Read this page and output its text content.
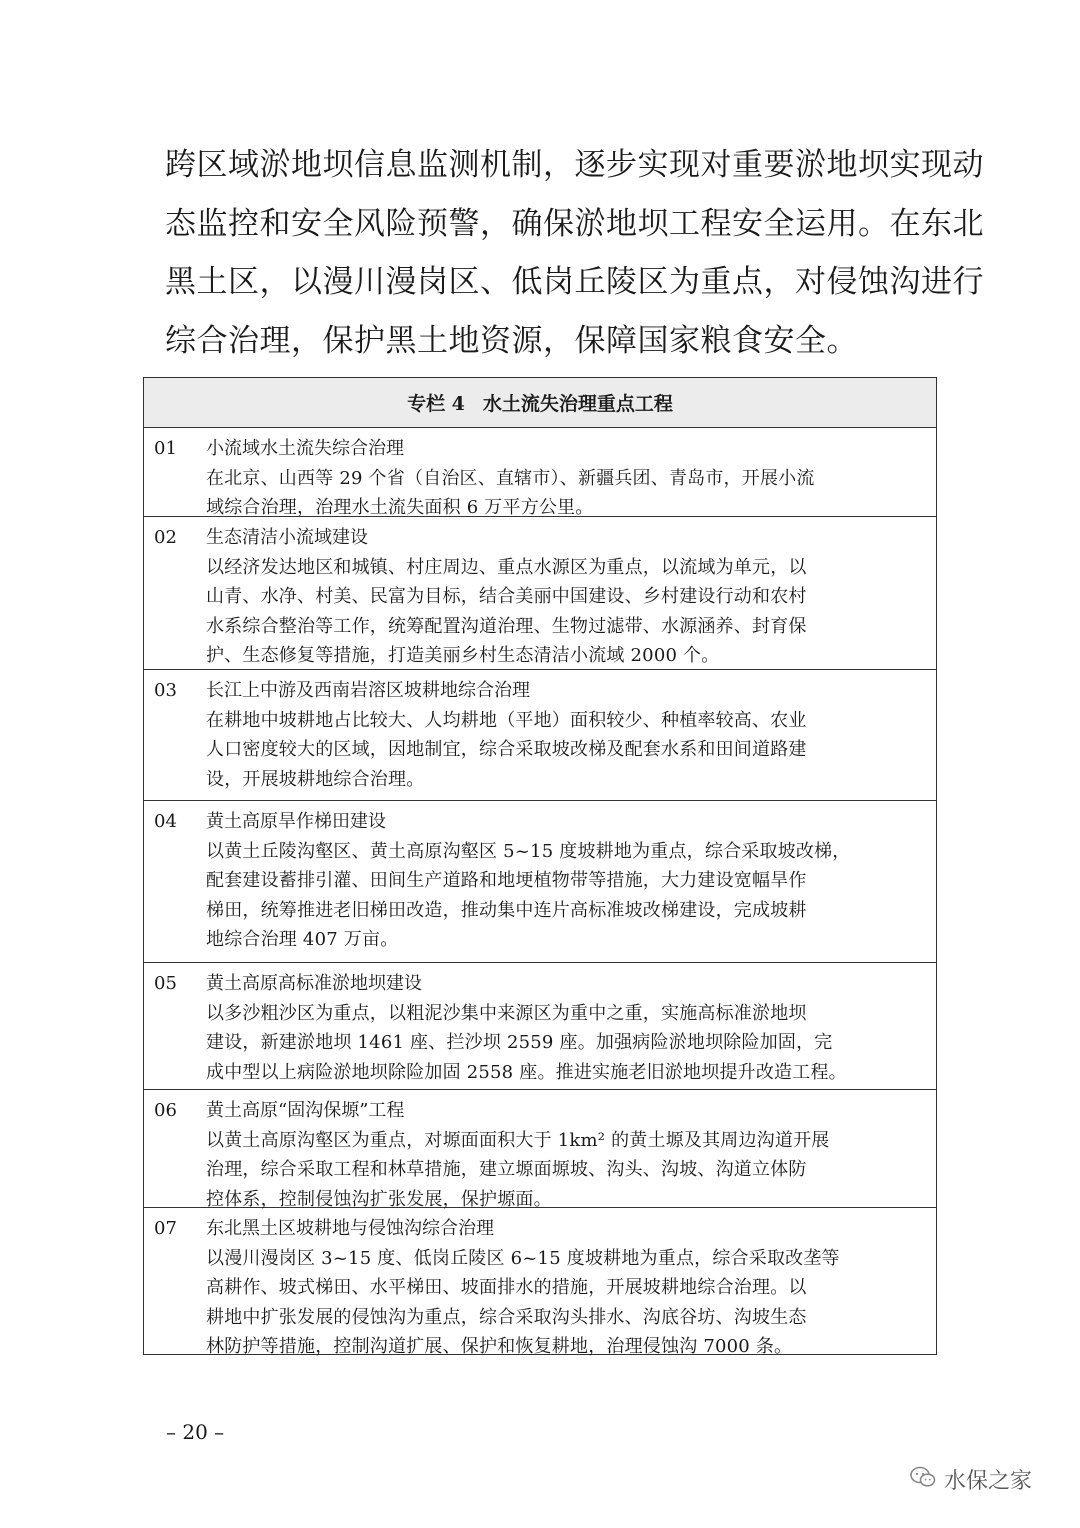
跨区域淤地坝信息监测机制，逐步实现对重要淤地坝实现动
态监控和安全风险预警，确保淤地坝工程安全运用。在东北
黑土区，以漫川漫岗区、低岗丘陵区为重点，对侵蚀沟进行
综合治理，保护黑土地资源，保障国家粮食安全。
专栏 4 水土流失治理重点工程
01	小流域水土流失综合治理
在北京、山西等 29 个省（自治区、直辖市）、新疆兵团、青岛市，开展小流
域综合治理，治理水土流失面积 6 万平方公里。
02	生态清洁小流域建设
以经济发达地区和城镇、村庄周边、重点水源区为重点，以流域为单元，以
山青、水净、村美、民富为目标，结合美丽中国建设、乡村建设行动和农村
水系综合整治等工作，统筹配置沟道治理、生物过滤带、水源涵养、封育保
护、生态修复等措施，打造美丽乡村生态清洁小流域 2000 个。
03	长江上中游及西南岩溶区坡耕地综合治理
在耕地中坡耕地占比较大、人均耕地（平地）面积较少、种植率较高、农业
人口密度较大的区域，因地制宜，综合采取坡改梯及配套水系和田间道路建
设，开展坡耕地综合治理。
04	黄土高原旱作梯田建设
以黄土丘陵沟壑区、黄土高原沟壑区 5~15 度坡耕地为重点，综合采取坡改梯，
配套建设蓄排引灌、田间生产道路和地埂植物带等措施，大力建设宽幅旱作
梯田，统筹推进老旧梯田改造，推动集中连片高标准坡改梯建设，完成坡耕
地综合治理 407 万亩。
05	黄土高原高标准淤地坝建设
以多沙粗沙区为重点，以粗泥沙集中来源区为重中之重，实施高标准淤地坝
建设，新建淤地坝 1461 座、拦沙坝 2559 座。加强病险淤地坝除险加固，完
成中型以上病险淤地坝除险加固 2558 座。推进实施老旧淤地坝提升改造工程。
06	黄土高原“固沟保塬”工程
以黄土高原沟壑区为重点，对塬面面积大于 1km² 的黄土塬及其周边沟道开展
治理，综合采取工程和林草措施，建立塬面塬坡、沟头、沟坡、沟道立体防
控体系，控制侵蚀沟扩张发展，保护塬面。
07	东北黑土区坡耕地与侵蚀沟综合治理
以漫川漫岗区 3~15 度、低岗丘陵区 6~15 度坡耕地为重点，综合采取改垄等
高耕作、坡式梯田、水平梯田、坡面排水的措施，开展坡耕地综合治理。以
耕地中扩张发展的侵蚀沟为重点，综合采取沟头排水、沟底谷坊、沟坡生态
林防护等措施，控制沟道扩展、保护和恢复耕地，治理侵蚀沟 7000 条。
– 20 –
水保之家
